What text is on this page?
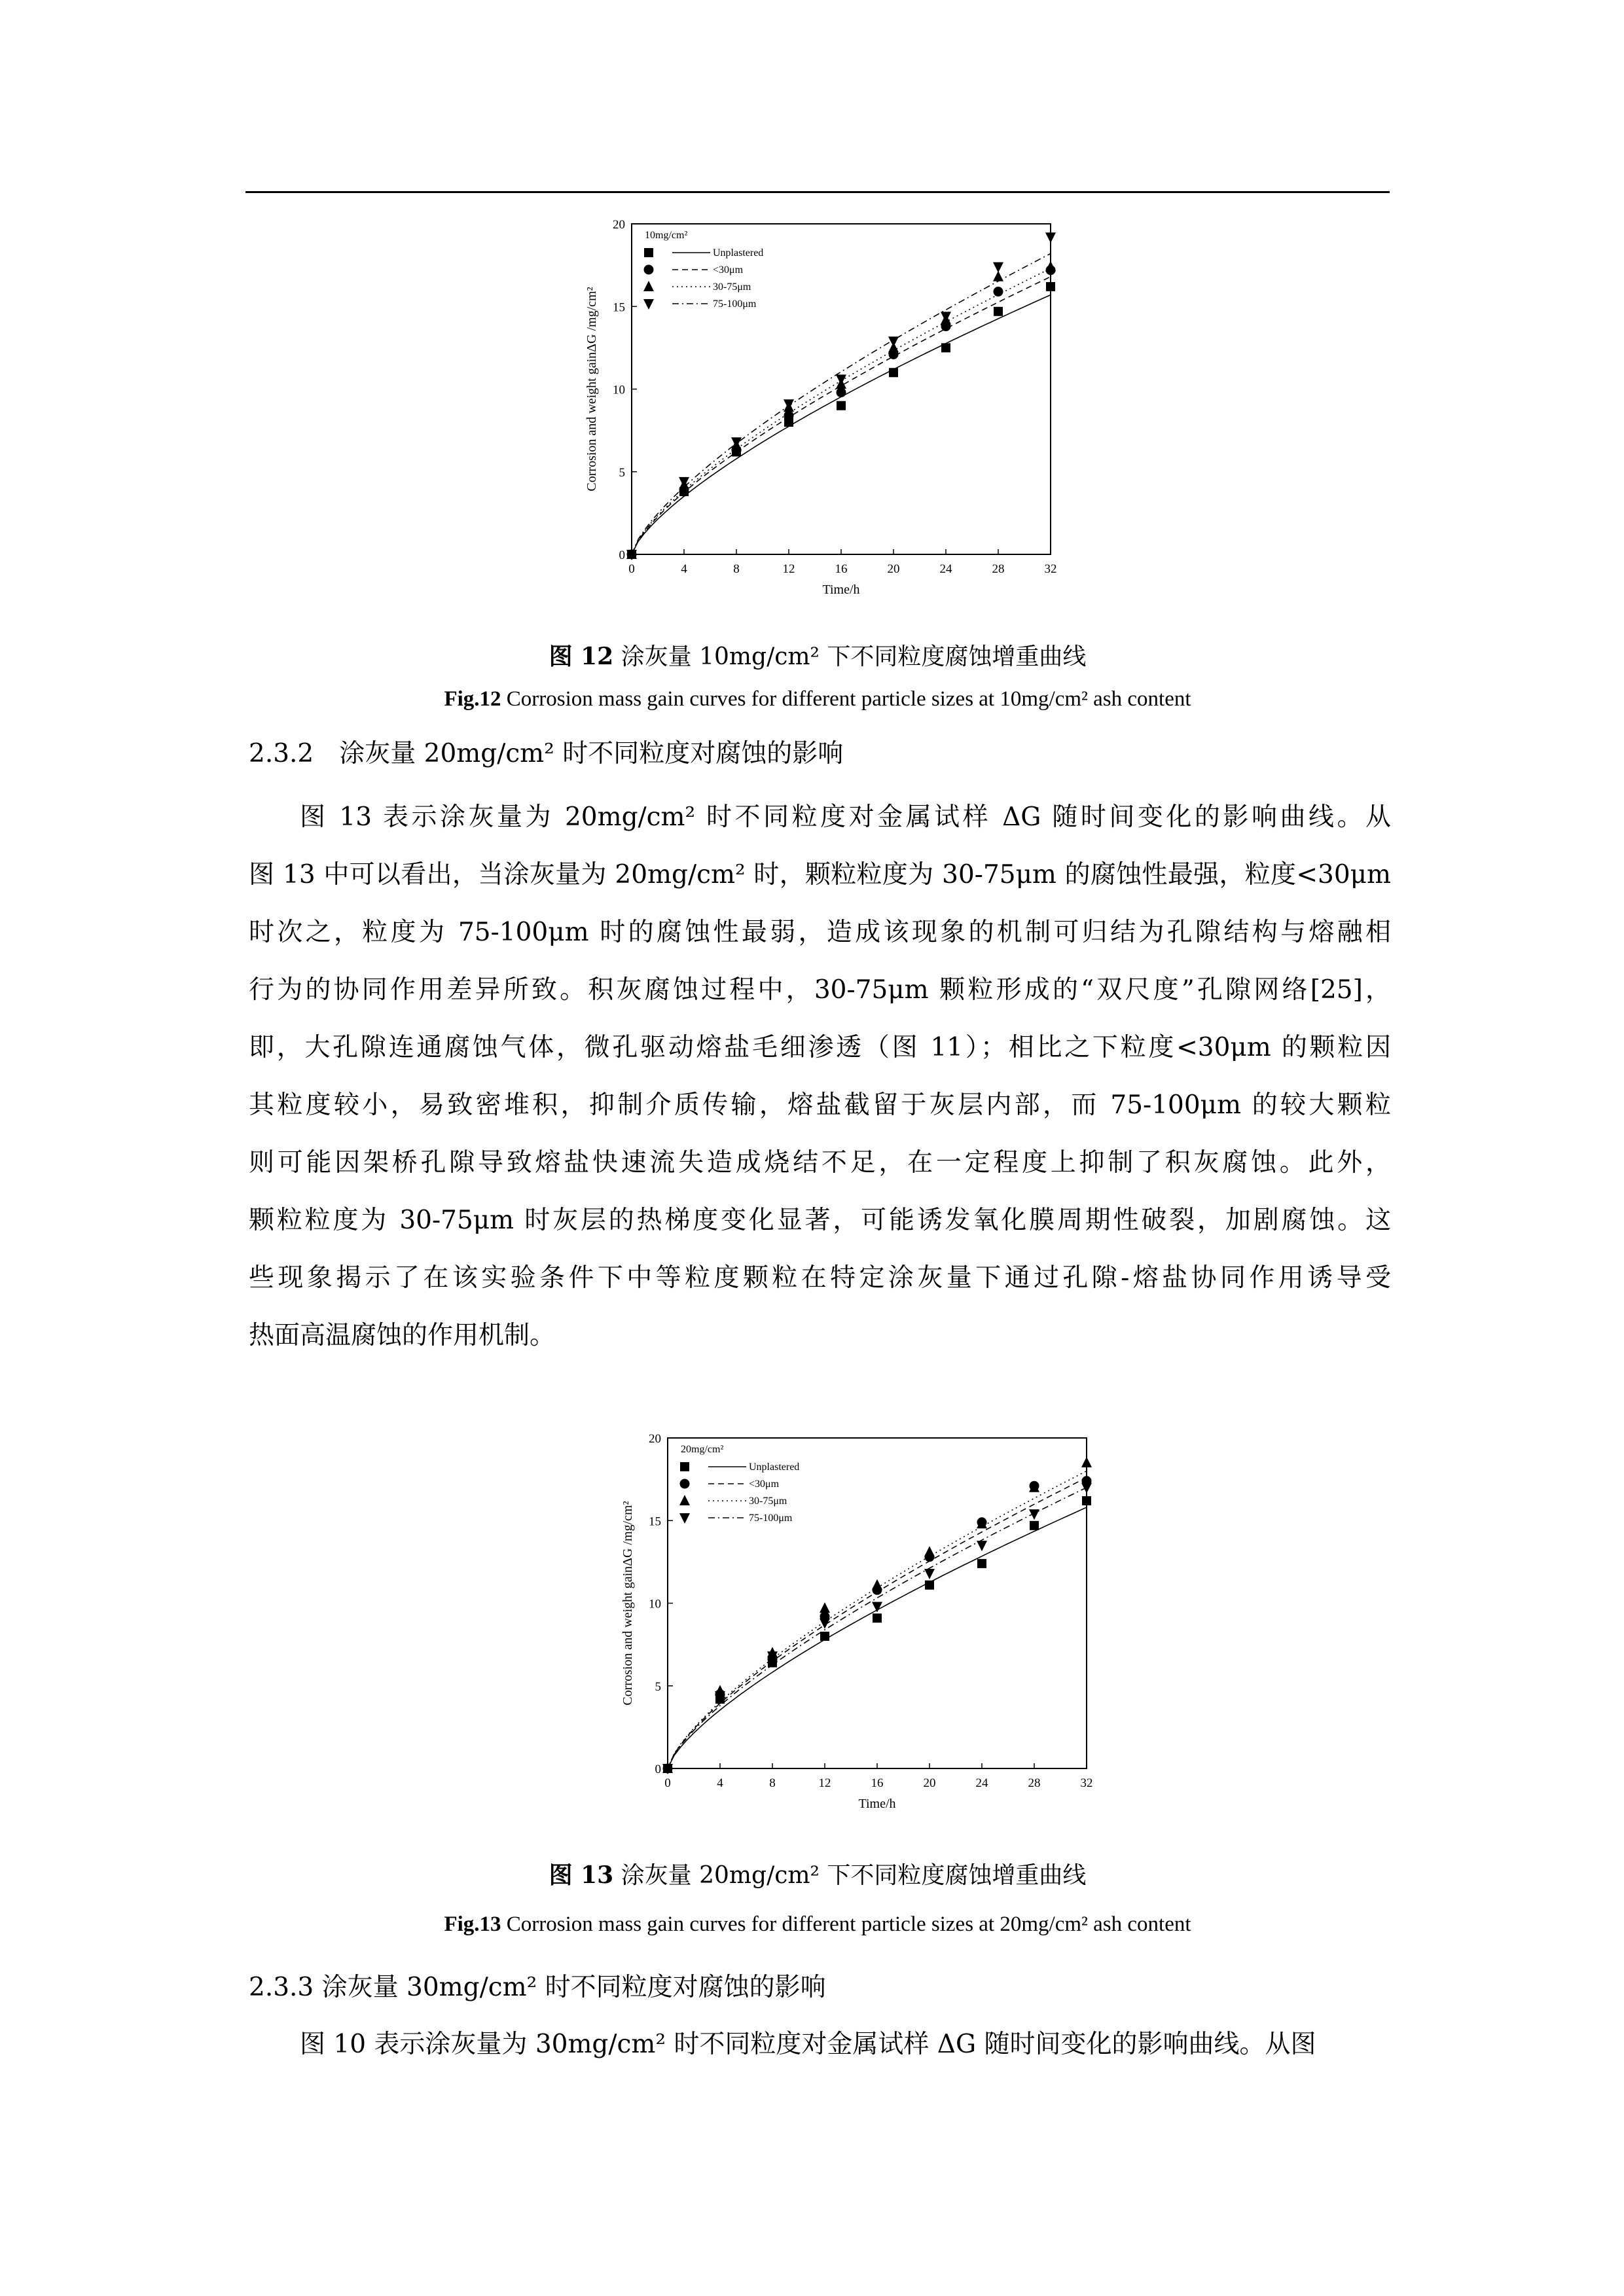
0	4	8	12	16	20	24	28	32
0
5
10
15
20
Time/h
Corrosion and weight gainΔG /mg/cm²
10mg/cm²
Unplastered
<30μm
30-75μm
75-100μm
图 12 涂灰量 10mg/cm² 下不同粒度腐蚀增重曲线
Fig.12 Corrosion mass gain curves for different particle sizes at 10mg/cm² ash content
2.3.2　涂灰量 20mg/cm² 时不同粒度对腐蚀的影响
图 13 表示涂灰量为 20mg/cm² 时不同粒度对金属试样 ΔG 随时间变化的影响曲线。从
图 13 中可以看出，当涂灰量为 20mg/cm² 时，颗粒粒度为 30-75μm 的腐蚀性最强，粒度<30μm
时次之，粒度为 75-100μm 时的腐蚀性最弱，造成该现象的机制可归结为孔隙结构与熔融相
行为的协同作用差异所致。积灰腐蚀过程中，30-75μm 颗粒形成的“双尺度”孔隙网络[25]，
即，大孔隙连通腐蚀气体，微孔驱动熔盐毛细渗透（图 11）；相比之下粒度<30μm 的颗粒因
其粒度较小，易致密堆积，抑制介质传输，熔盐截留于灰层内部，而 75-100μm 的较大颗粒
则可能因架桥孔隙导致熔盐快速流失造成烧结不足，在一定程度上抑制了积灰腐蚀。此外，
颗粒粒度为 30-75μm 时灰层的热梯度变化显著，可能诱发氧化膜周期性破裂，加剧腐蚀。这
些现象揭示了在该实验条件下中等粒度颗粒在特定涂灰量下通过孔隙-熔盐协同作用诱导受
热面高温腐蚀的作用机制。
0	4	8	12	16	20	24	28	32
0
5
10
15
20
Time/h
Corrosion and weight gainΔG /mg/cm²
20mg/cm²
Unplastered
<30μm
30-75μm
75-100μm
图 13 涂灰量 20mg/cm² 下不同粒度腐蚀增重曲线
Fig.13 Corrosion mass gain curves for different particle sizes at 20mg/cm² ash content
2.3.3 涂灰量 30mg/cm² 时不同粒度对腐蚀的影响
图 10 表示涂灰量为 30mg/cm² 时不同粒度对金属试样 ΔG 随时间变化的影响曲线。从图
